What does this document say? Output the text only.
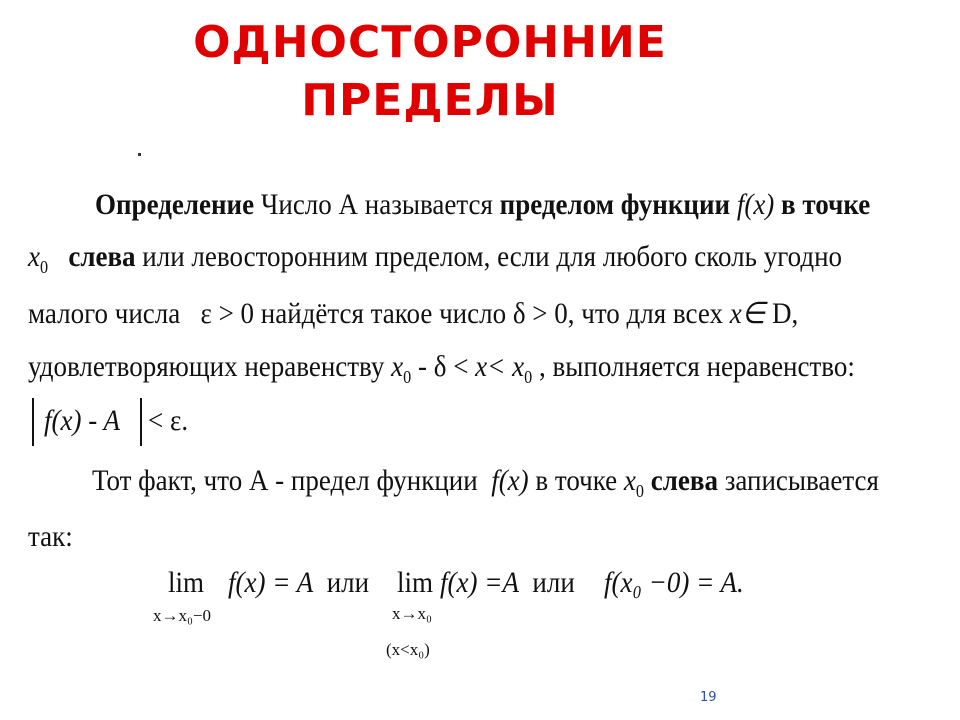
ОДНОСТОРОННИЕ
ПРЕДЕЛЫ
Определение Число А называется пределом функции f(x) в точке
$x_0$ слева или левосторонним пределом, если для любого сколь угодно
малого числа ε > 0 найдётся такое число δ > 0, что для всех x∈ D,
удовлетворяющих неравенству $x_0 - \delta < x< x_0$ , выполняется неравенство:
f(x) - A < ε.
Тот факт, что А - предел функции f(x) в точке $x_0$ слева записывается
так:
lim
x→x₀−0
f(x) = A или lim
x→x₀
(x<x₀)
f(x) =A или f(x₀ −0) = A.
19
